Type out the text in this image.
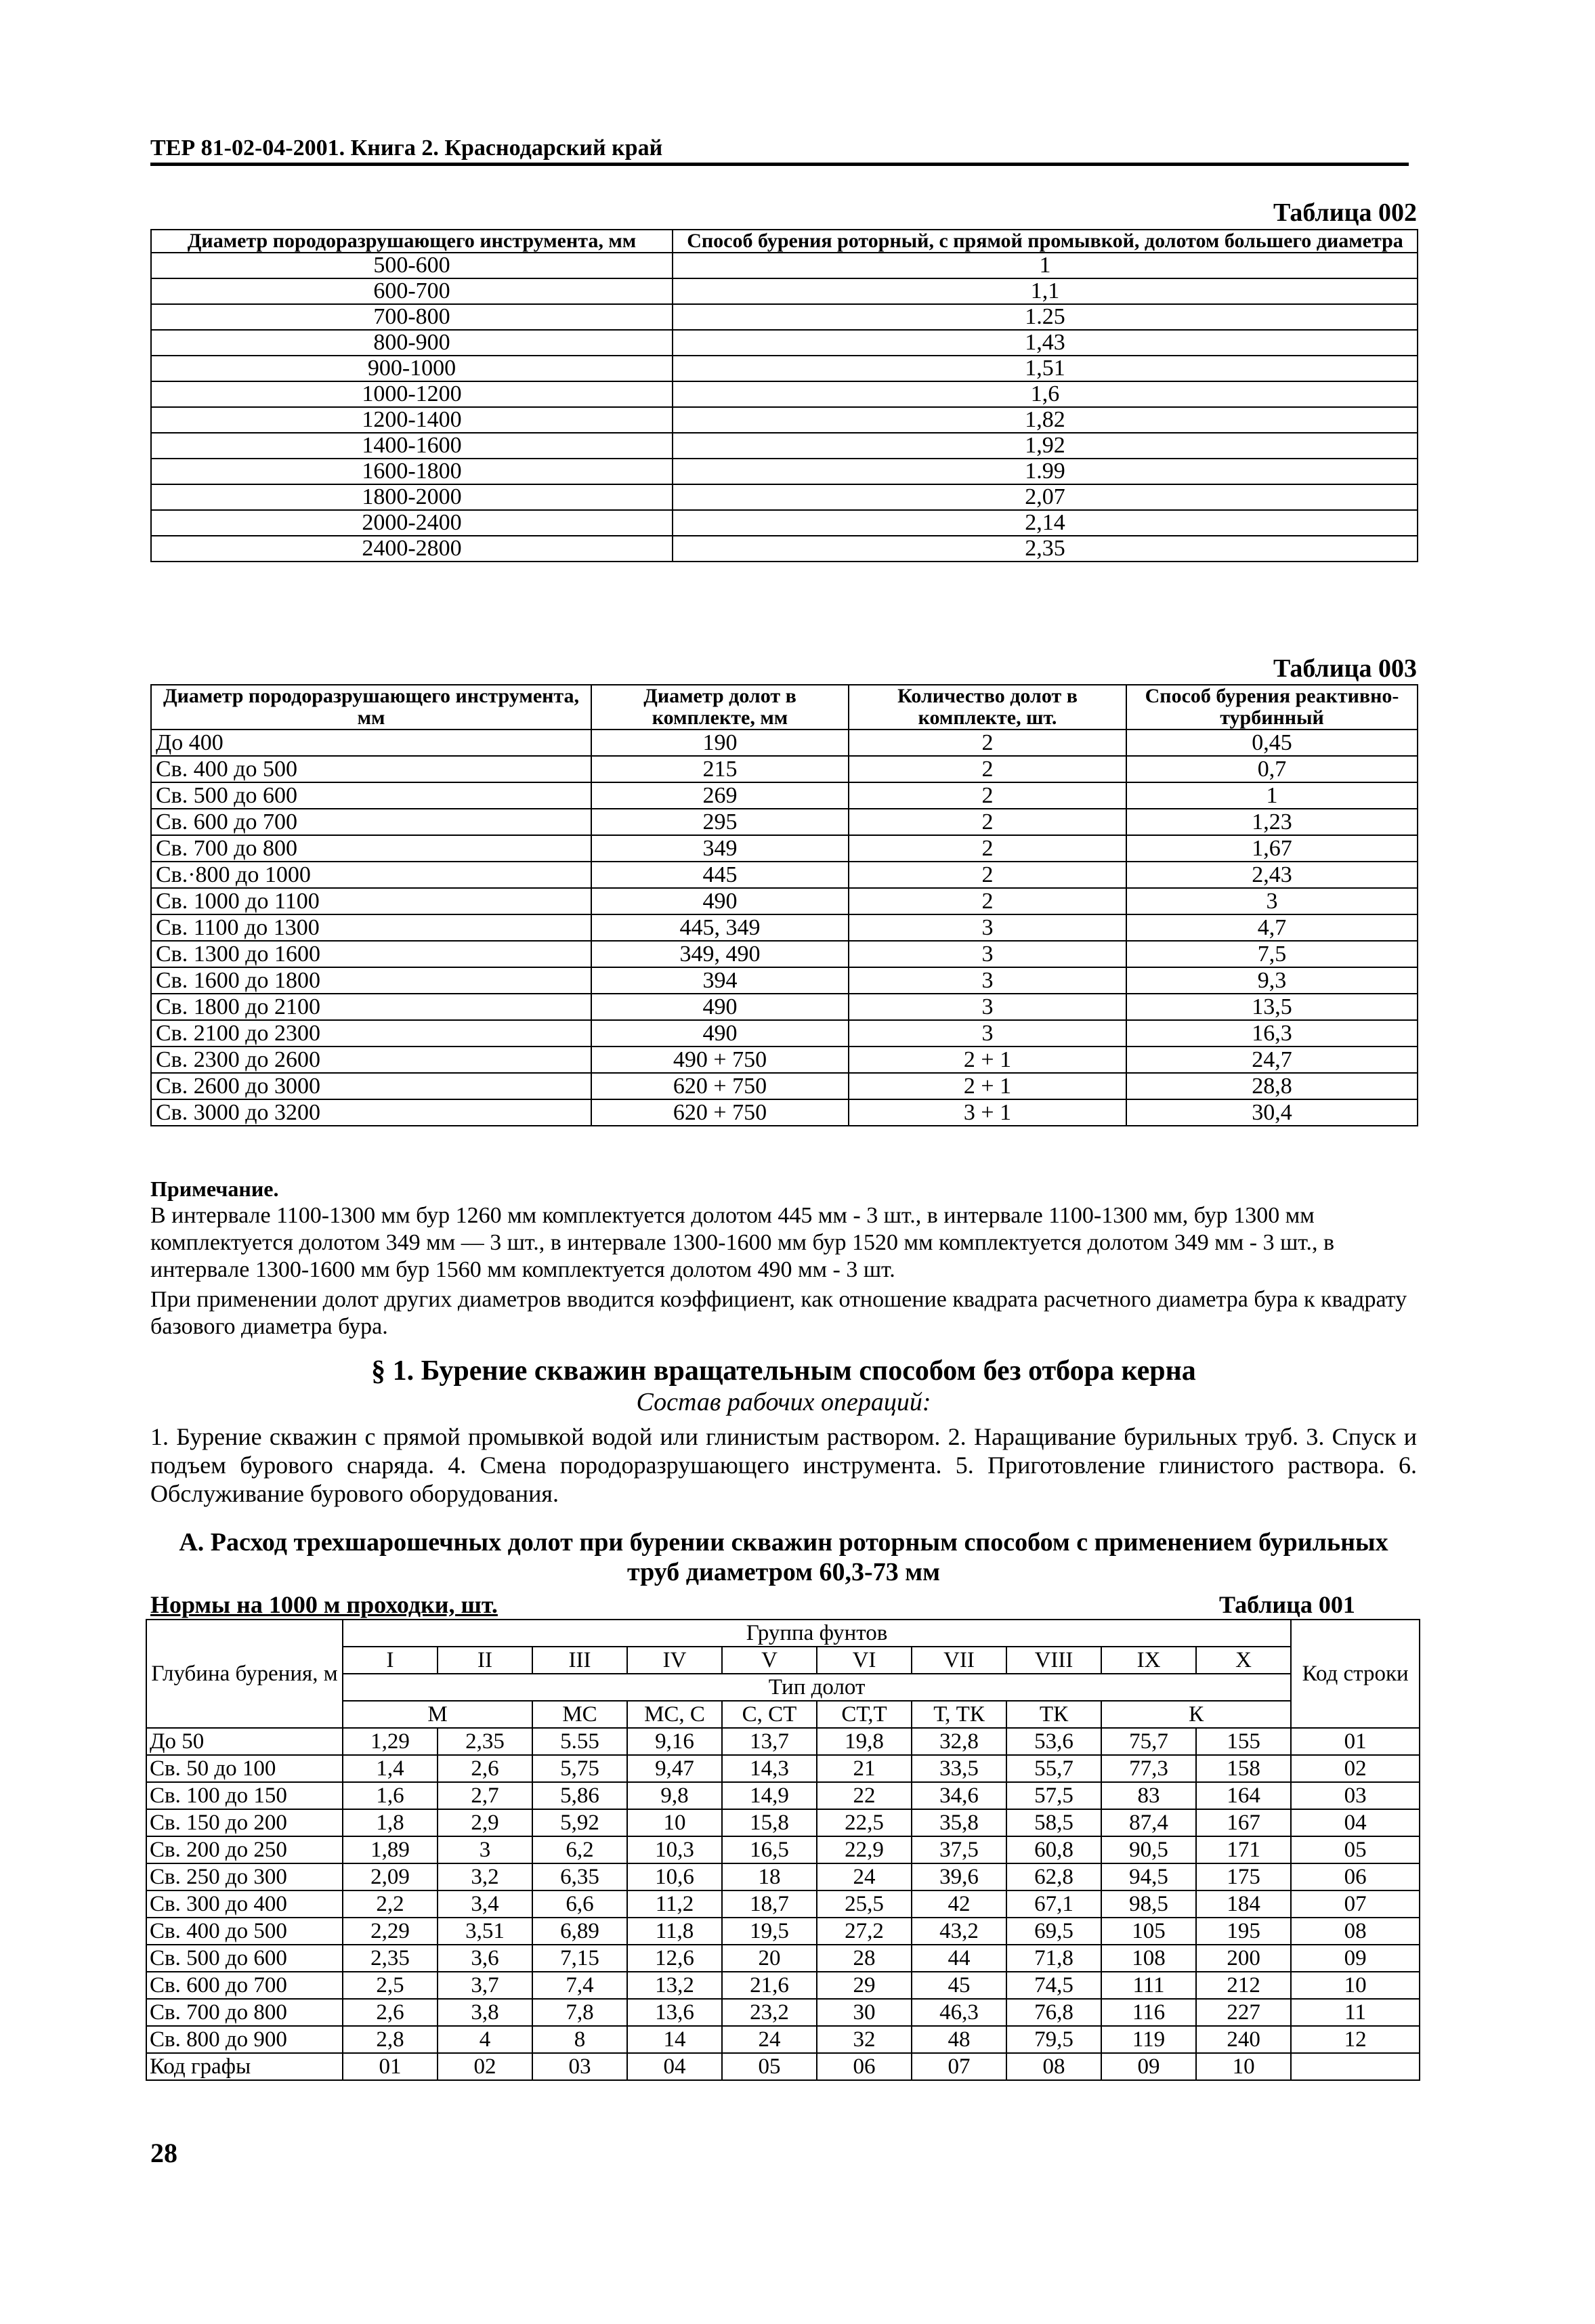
ТЕР 81-02-04-2001. Книга 2. Краснодарский край
Таблица 002
Диаметр породоразрушающего инструмента, мм	Способ бурения роторный, с прямой промывкой, долотом большего диаметра
500-600	1
600-700	1,1
700-800	1.25
800-900	1,43
900-1000	1,51
1000-1200	1,6
1200-1400	1,82
1400-1600	1,92
1600-1800	1.99
1800-2000	2,07
2000-2400	2,14
2400-2800	2,35
Таблица 003
Диаметр породоразрушающего инструмента, мм	Диаметр долот в комплекте, мм	Количество долот в комплекте, шт.	Способ бурения реактивно-турбинный
До 400	190	2	0,45
Св. 400 до 500	215	2	0,7
Св. 500 до 600	269	2	1
Св. 600 до 700	295	2	1,23
Св. 700 до 800	349	2	1,67
Св.·800 до 1000	445	2	2,43
Св. 1000 до 1100	490	2	3
Св. 1100 до 1300	445, 349	3	4,7
Св. 1300 до 1600	349, 490	3	7,5
Св. 1600 до 1800	394	3	9,3
Св. 1800 до 2100	490	3	13,5
Св. 2100 до 2300	490	3	16,3
Св. 2300 до 2600	490 + 750	2 + 1	24,7
Св. 2600 до 3000	620 + 750	2 + 1	28,8
Св. 3000 до 3200	620 + 750	3 + 1	30,4
Примечание.
В интервале 1100-1300 мм бур 1260 мм комплектуется долотом 445 мм - 3 шт., в интервале 1100-1300 мм, бур 1300 мм комплектуется долотом 349 мм — 3 шт., в интервале 1300-1600 мм бур 1520 мм комплектуется долотом 349 мм - 3 шт., в интервале 1300-1600 мм бур 1560 мм комплектуется долотом 490 мм - 3 шт.
При применении долот других диаметров вводится коэффициент, как отношение квадрата расчетного диаметра бура к квадрату базового диаметра бура.
§ 1. Бурение скважин вращательным способом без отбора керна
Состав рабочих операций:
1. Бурение скважин с прямой промывкой водой или глинистым раствором. 2. Наращивание бурильных труб. 3. Спуск и подъем бурового снаряда. 4. Смена породоразрушающего инструмента. 5. Приготовление глинистого раствора. 6. Обслуживание бурового оборудования.
А. Расход трехшарошечных долот при бурении скважин роторным способом с применением бурильных труб диаметром 60,3-73 мм
Нормы на 1000 м проходки, шт.	Таблица 001
Глубина бурения, м	Группа фунтов										Код строки
	I	II	III	IV	V	VI	VII	VIII	IX	X	
	Тип долот										
	М		МС	МС, С	С, СТ	СТ,Т	Т, ТК	ТК	К		
До 50	1,29	2,35	5.55	9,16	13,7	19,8	32,8	53,6	75,7	155	01
Св. 50 до 100	1,4	2,6	5,75	9,47	14,3	21	33,5	55,7	77,3	158	02
Св. 100 до 150	1,6	2,7	5,86	9,8	14,9	22	34,6	57,5	83	164	03
Св. 150 до 200	1,8	2,9	5,92	10	15,8	22,5	35,8	58,5	87,4	167	04
Св. 200 до 250	1,89	3	6,2	10,3	16,5	22,9	37,5	60,8	90,5	171	05
Св. 250 до 300	2,09	3,2	6,35	10,6	18	24	39,6	62,8	94,5	175	06
Св. 300 до 400	2,2	3,4	6,6	11,2	18,7	25,5	42	67,1	98,5	184	07
Св. 400 до 500	2,29	3,51	6,89	11,8	19,5	27,2	43,2	69,5	105	195	08
Св. 500 до 600	2,35	3,6	7,15	12,6	20	28	44	71,8	108	200	09
Св. 600 до 700	2,5	3,7	7,4	13,2	21,6	29	45	74,5	111	212	10
Св. 700 до 800	2,6	3,8	7,8	13,6	23,2	30	46,3	76,8	116	227	11
Св. 800 до 900	2,8	4	8	14	24	32	48	79,5	119	240	12
Код графы	01	02	03	04	05	06	07	08	09	10	
28
